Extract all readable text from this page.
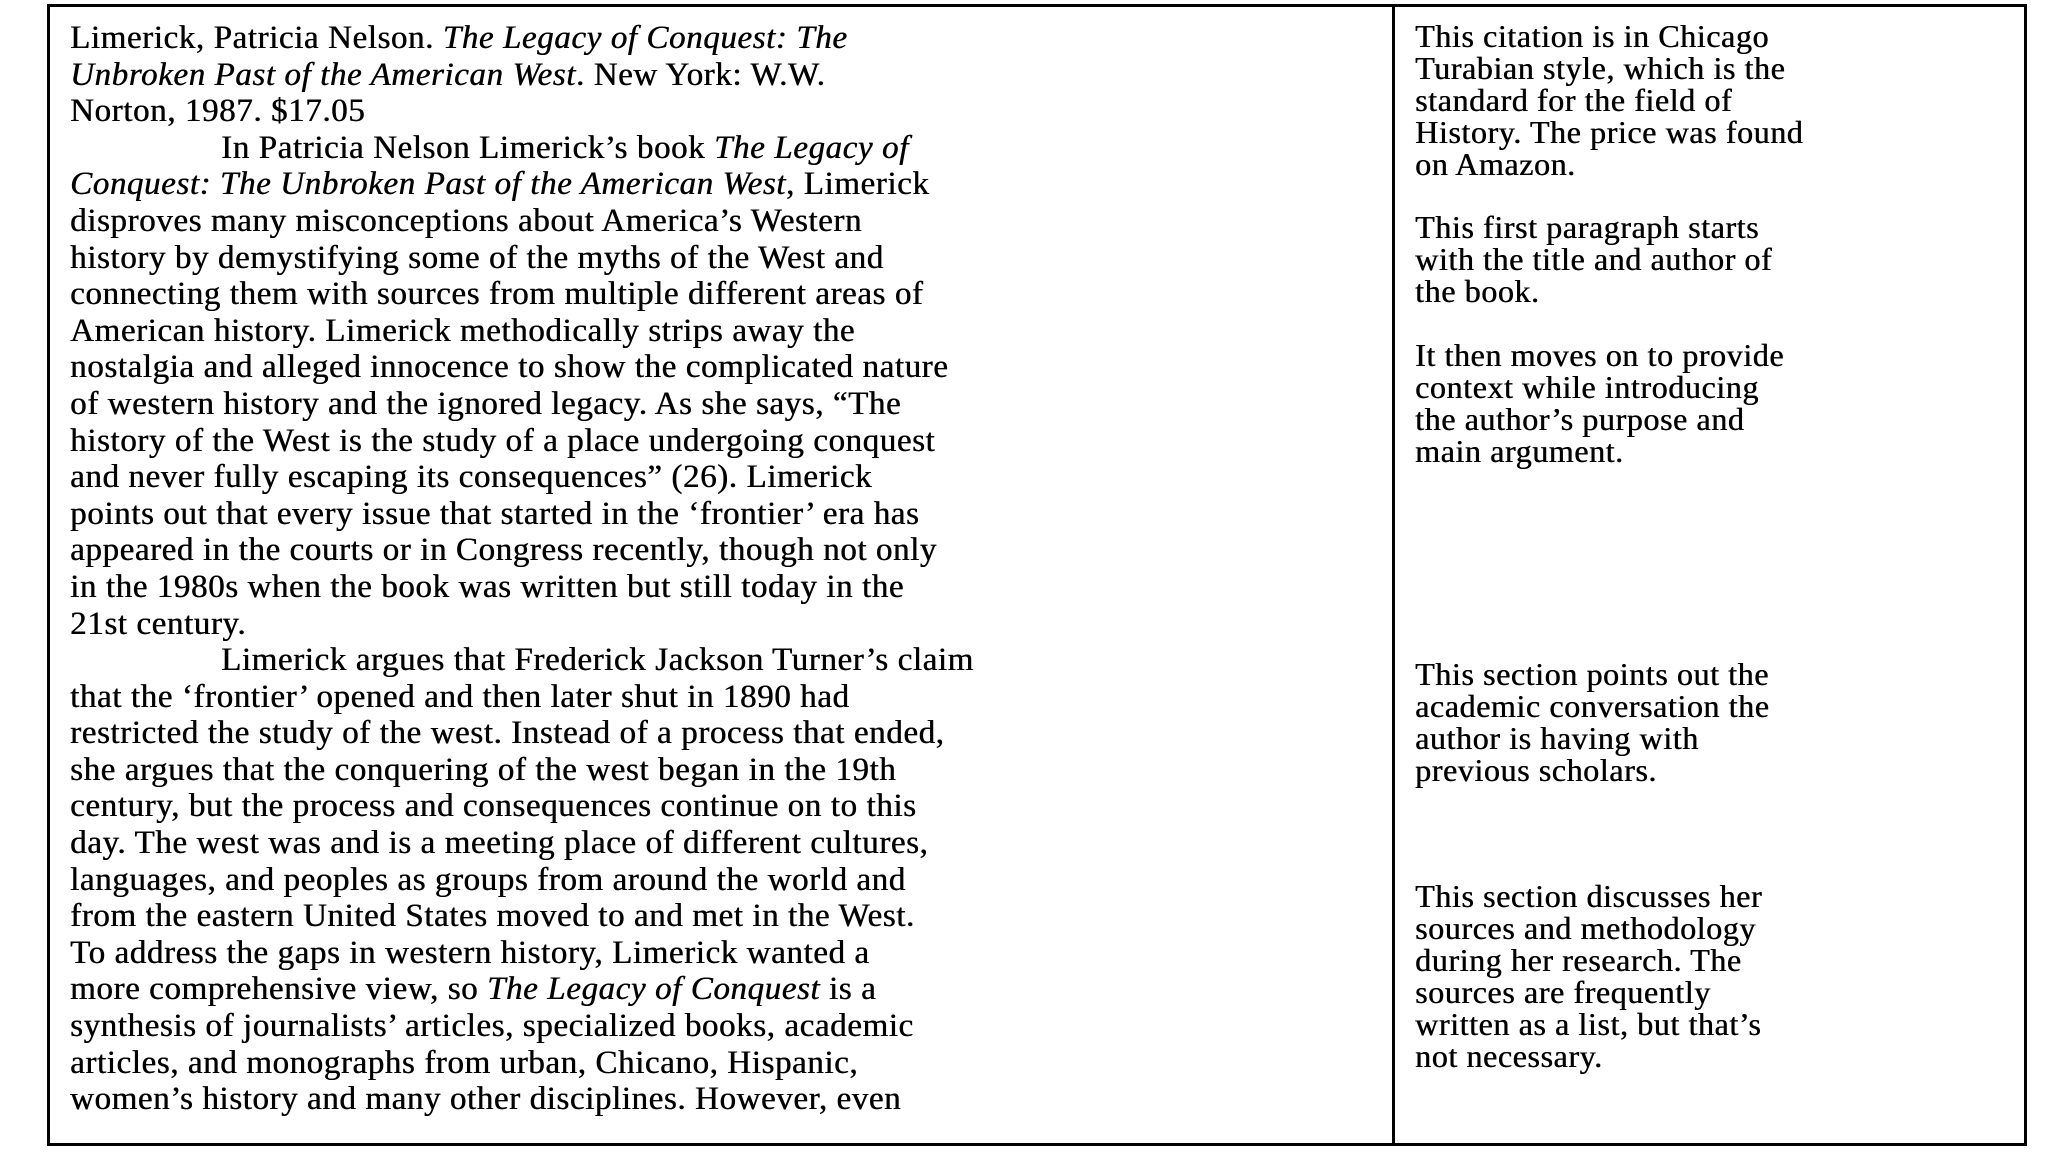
Limerick, Patricia Nelson. The Legacy of Conquest: The
Unbroken Past of the American West. New York: W.W.
Norton, 1987. $17.05
In Patricia Nelson Limerick’s book The Legacy of
Conquest: The Unbroken Past of the American West, Limerick
disproves many misconceptions about America’s Western
history by demystifying some of the myths of the West and
connecting them with sources from multiple different areas of
American history. Limerick methodically strips away the
nostalgia and alleged innocence to show the complicated nature
of western history and the ignored legacy. As she says, “The
history of the West is the study of a place undergoing conquest
and never fully escaping its consequences” (26). Limerick
points out that every issue that started in the ‘frontier’ era has
appeared in the courts or in Congress recently, though not only
in the 1980s when the book was written but still today in the
21st century.
Limerick argues that Frederick Jackson Turner’s claim
that the ‘frontier’ opened and then later shut in 1890 had
restricted the study of the west. Instead of a process that ended,
she argues that the conquering of the west began in the 19th
century, but the process and consequences continue on to this
day. The west was and is a meeting place of different cultures,
languages, and peoples as groups from around the world and
from the eastern United States moved to and met in the West.
To address the gaps in western history, Limerick wanted a
more comprehensive view, so The Legacy of Conquest is a
synthesis of journalists’ articles, specialized books, academic
articles, and monographs from urban, Chicano, Hispanic,
women’s history and many other disciplines. However, even
This citation is in Chicago
Turabian style, which is the
standard for the field of
History. The price was found
on Amazon.
This first paragraph starts
with the title and author of
the book.
It then moves on to provide
context while introducing
the author’s purpose and
main argument.
This section points out the
academic conversation the
author is having with
previous scholars.
This section discusses her
sources and methodology
during her research. The
sources are frequently
written as a list, but that’s
not necessary.
